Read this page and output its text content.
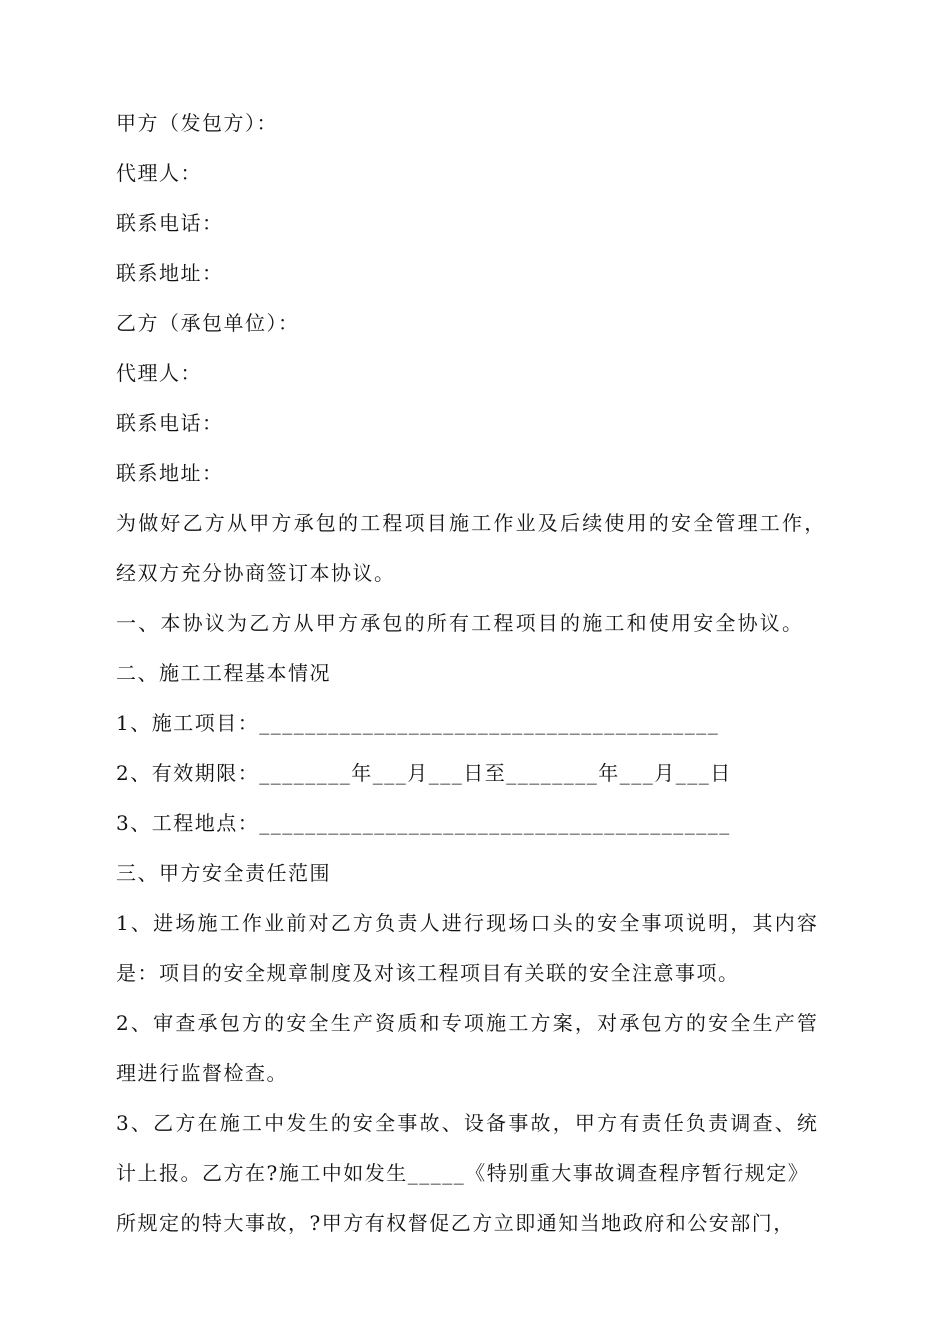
甲方（发包方）：
代理人：
联系电话：
联系地址：
乙方（承包单位）：
代理人：
联系电话：
联系地址：
为做好乙方从甲方承包的工程项目施工作业及后续使用的安全管理工作，
经双方充分协商签订本协议。
一、本协议为乙方从甲方承包的所有工程项目的施工和使用安全协议。
二、施工工程基本情况
1、施工项目：________________________________________
2、有效期限：________年___月___日至________年___月___日
3、工程地点：_________________________________________
三、甲方安全责任范围
1、进场施工作业前对乙方负责人进行现场口头的安全事项说明，其内容
是：项目的安全规章制度及对该工程项目有关联的安全注意事项。
2、审查承包方的安全生产资质和专项施工方案，对承包方的安全生产管
理进行监督检查。
3、乙方在施工中发生的安全事故、设备事故，甲方有责任负责调查、统
计上报。乙方在?施工中如发生_____《特别重大事故调查程序暂行规定》
所规定的特大事故，?甲方有权督促乙方立即通知当地政府和公安部门，
